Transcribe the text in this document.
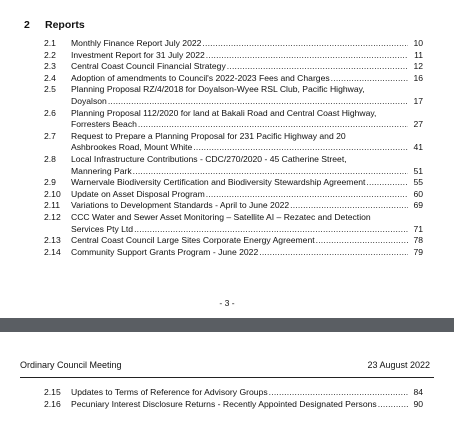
2 Reports
2.1	Monthly Finance Report July 2022 .....	10
2.2	Investment Report for 31 July 2022 .....	11
2.3	Central Coast Council Financial Strategy .....	12
2.4	Adoption of amendments to Council's 2022-2023 Fees and Charges .....	16
2.5	Planning Proposal RZ/4/2018 for Doyalson-Wyee RSL Club, Pacific Highway,
Doyalson .....	17
2.6	Planning Proposal 112/2020 for land at Bakali Road and Central Coast Highway,
Forresters Beach .....	27
2.7	Request to Prepare a Planning Proposal for 231 Pacific Highway and 20
Ashbrookes Road, Mount White .....	41
2.8	Local Infrastructure Contributions - CDC/270/2020 - 45 Catherine Street,
Mannering Park .....	51
2.9	Warnervale Biodiversity Certification and Biodiversity Stewardship Agreement .....	55
2.10	Update on Asset Disposal Program .....	60
2.11	Variations to Development Standards - April to June 2022 .....	69
2.12	CCC Water and Sewer Asset Monitoring – Satellite AI – Rezatec and Detection
Services Pty Ltd .....	71
2.13	Central Coast Council Large Sites Corporate Energy Agreement .....	78
2.14	Community Support Grants Program - June 2022 .....	79
- 3 -
Ordinary Council Meeting	23 August 2022
2.15	Updates to Terms of Reference for Advisory Groups .....	84
2.16	Pecuniary Interest Disclosure Returns - Recently Appointed Designated Persons .....	90
